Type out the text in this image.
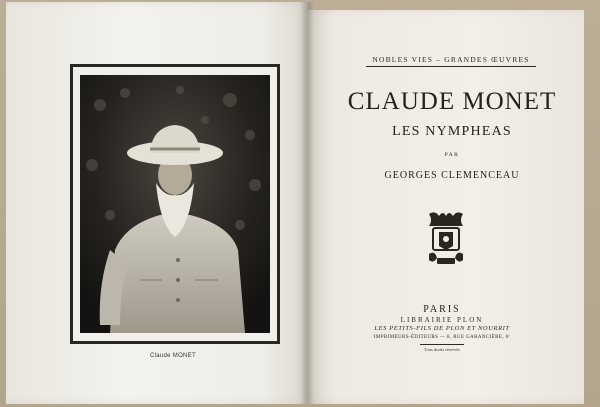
Claude MONET
NOBLES VIES – GRANDES ŒUVRES
CLAUDE MONET
LES NYMPHEAS
PAR
GEORGES CLEMENCEAU
PARIS
LIBRAIRIE PLON
LES PETITS-FILS DE PLON ET NOURRIT
IMPRIMEURS-ÉDITEURS — 8, RUE GARANCIÈRE, 6ᵉ
Tous droits réservés
